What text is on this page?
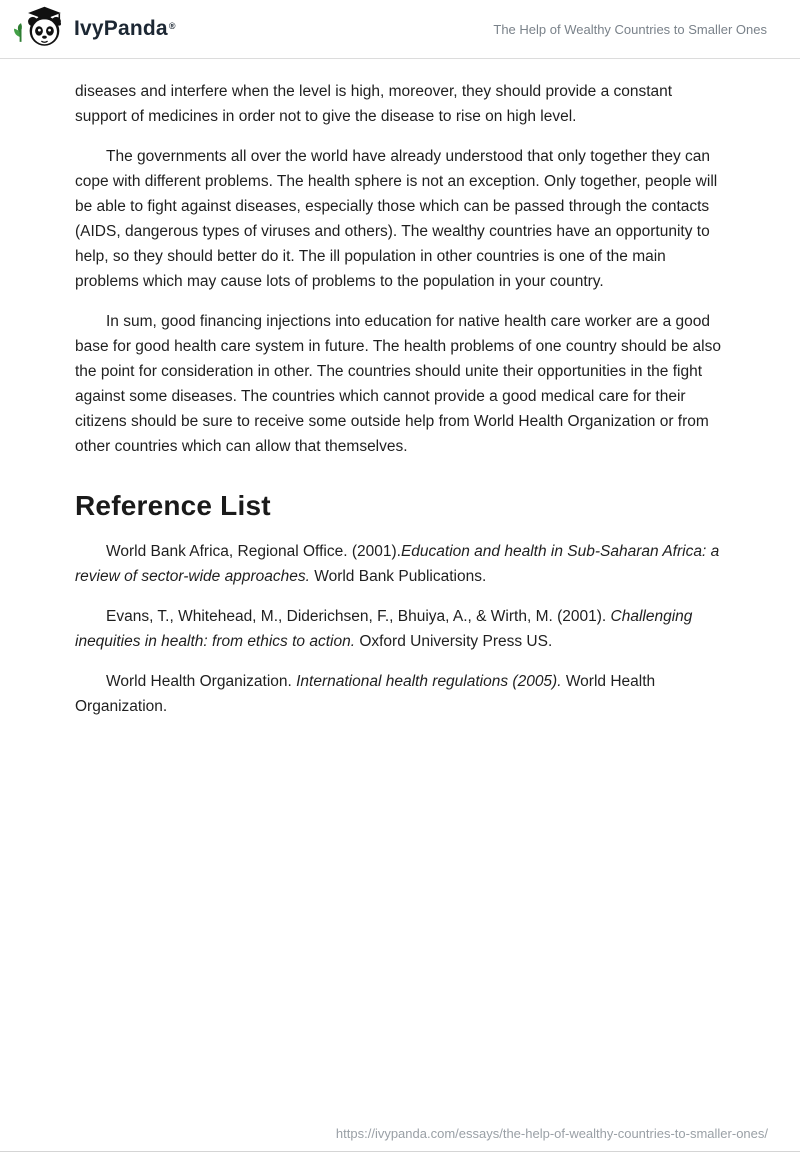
IvyPanda®	The Help of Wealthy Countries to Smaller Ones

diseases and interfere when the level is high, moreover, they should provide a constant support of medicines in order not to give the disease to rise on high level.

The governments all over the world have already understood that only together they can cope with different problems. The health sphere is not an exception. Only together, people will be able to fight against diseases, especially those which can be passed through the contacts (AIDS, dangerous types of viruses and others). The wealthy countries have an opportunity to help, so they should better do it. The ill population in other countries is one of the main problems which may cause lots of problems to the population in your country.

In sum, good financing injections into education for native health care worker are a good base for good health care system in future. The health problems of one country should be also the point for consideration in other. The countries should unite their opportunities in the fight against some diseases. The countries which cannot provide a good medical care for their citizens should be sure to receive some outside help from World Health Organization or from other countries which can allow that themselves.

Reference List

World Bank Africa, Regional Office. (2001).Education and health in Sub-Saharan Africa: a review of sector-wide approaches. World Bank Publications.

Evans, T., Whitehead, M., Diderichsen, F., Bhuiya, A., & Wirth, M. (2001). Challenging inequities in health: from ethics to action. Oxford University Press US.

World Health Organization. International health regulations (2005). World Health Organization.

https://ivypanda.com/essays/the-help-of-wealthy-countries-to-smaller-ones/
